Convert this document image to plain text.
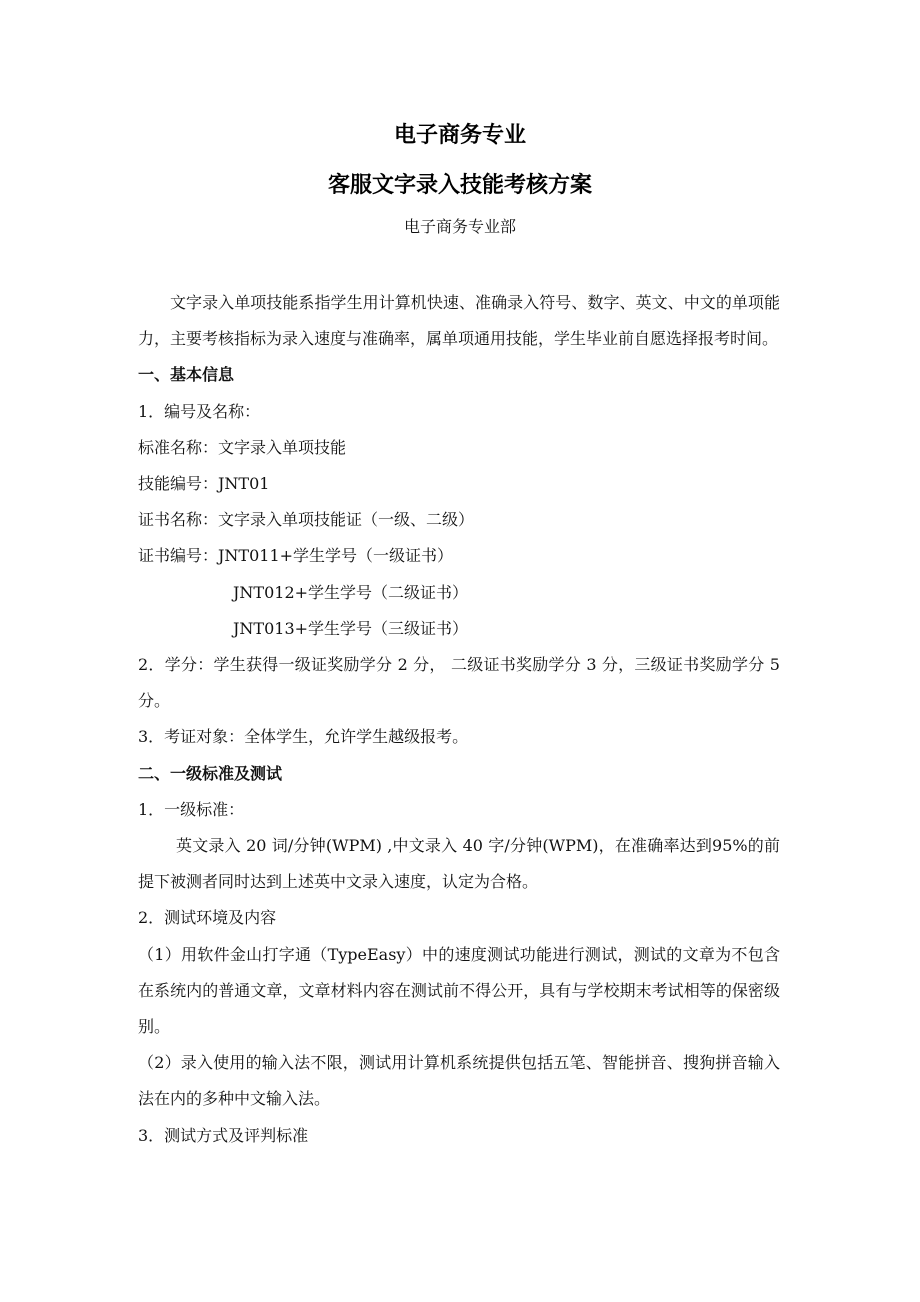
电子商务专业
客服文字录入技能考核方案
电子商务专业部

文字录入单项技能系指学生用计算机快速、准确录入符号、数字、英文、中文的单项能力，主要考核指标为录入速度与准确率，属单项通用技能，学生毕业前自愿选择报考时间。

一、基本信息

1．编号及名称：

标准名称：文字录入单项技能

技能编号：JNT01

证书名称：文字录入单项技能证（一级、二级）

证书编号：JNT011+学生学号（一级证书）

JNT012+学生学号（二级证书）

JNT013+学生学号（三级证书）

2．学分：学生获得一级证奖励学分 2 分， 二级证书奖励学分 3 分，三级证书奖励学分 5 分。

3．考证对象：全体学生，允许学生越级报考。

二、一级标准及测试

1．一级标准：

英文录入 20 词/分钟(WPM) ,中文录入 40 字/分钟(WPM)，在准确率达到95%的前提下被测者同时达到上述英中文录入速度，认定为合格。

2．测试环境及内容

（1）用软件金山打字通（TypeEasy）中的速度测试功能进行测试，测试的文章为不包含在系统内的普通文章，文章材料内容在测试前不得公开，具有与学校期末考试相等的保密级别。

（2）录入使用的输入法不限，测试用计算机系统提供包括五笔、智能拼音、搜狗拼音输入法在内的多种中文输入法。

3．测试方式及评判标准
